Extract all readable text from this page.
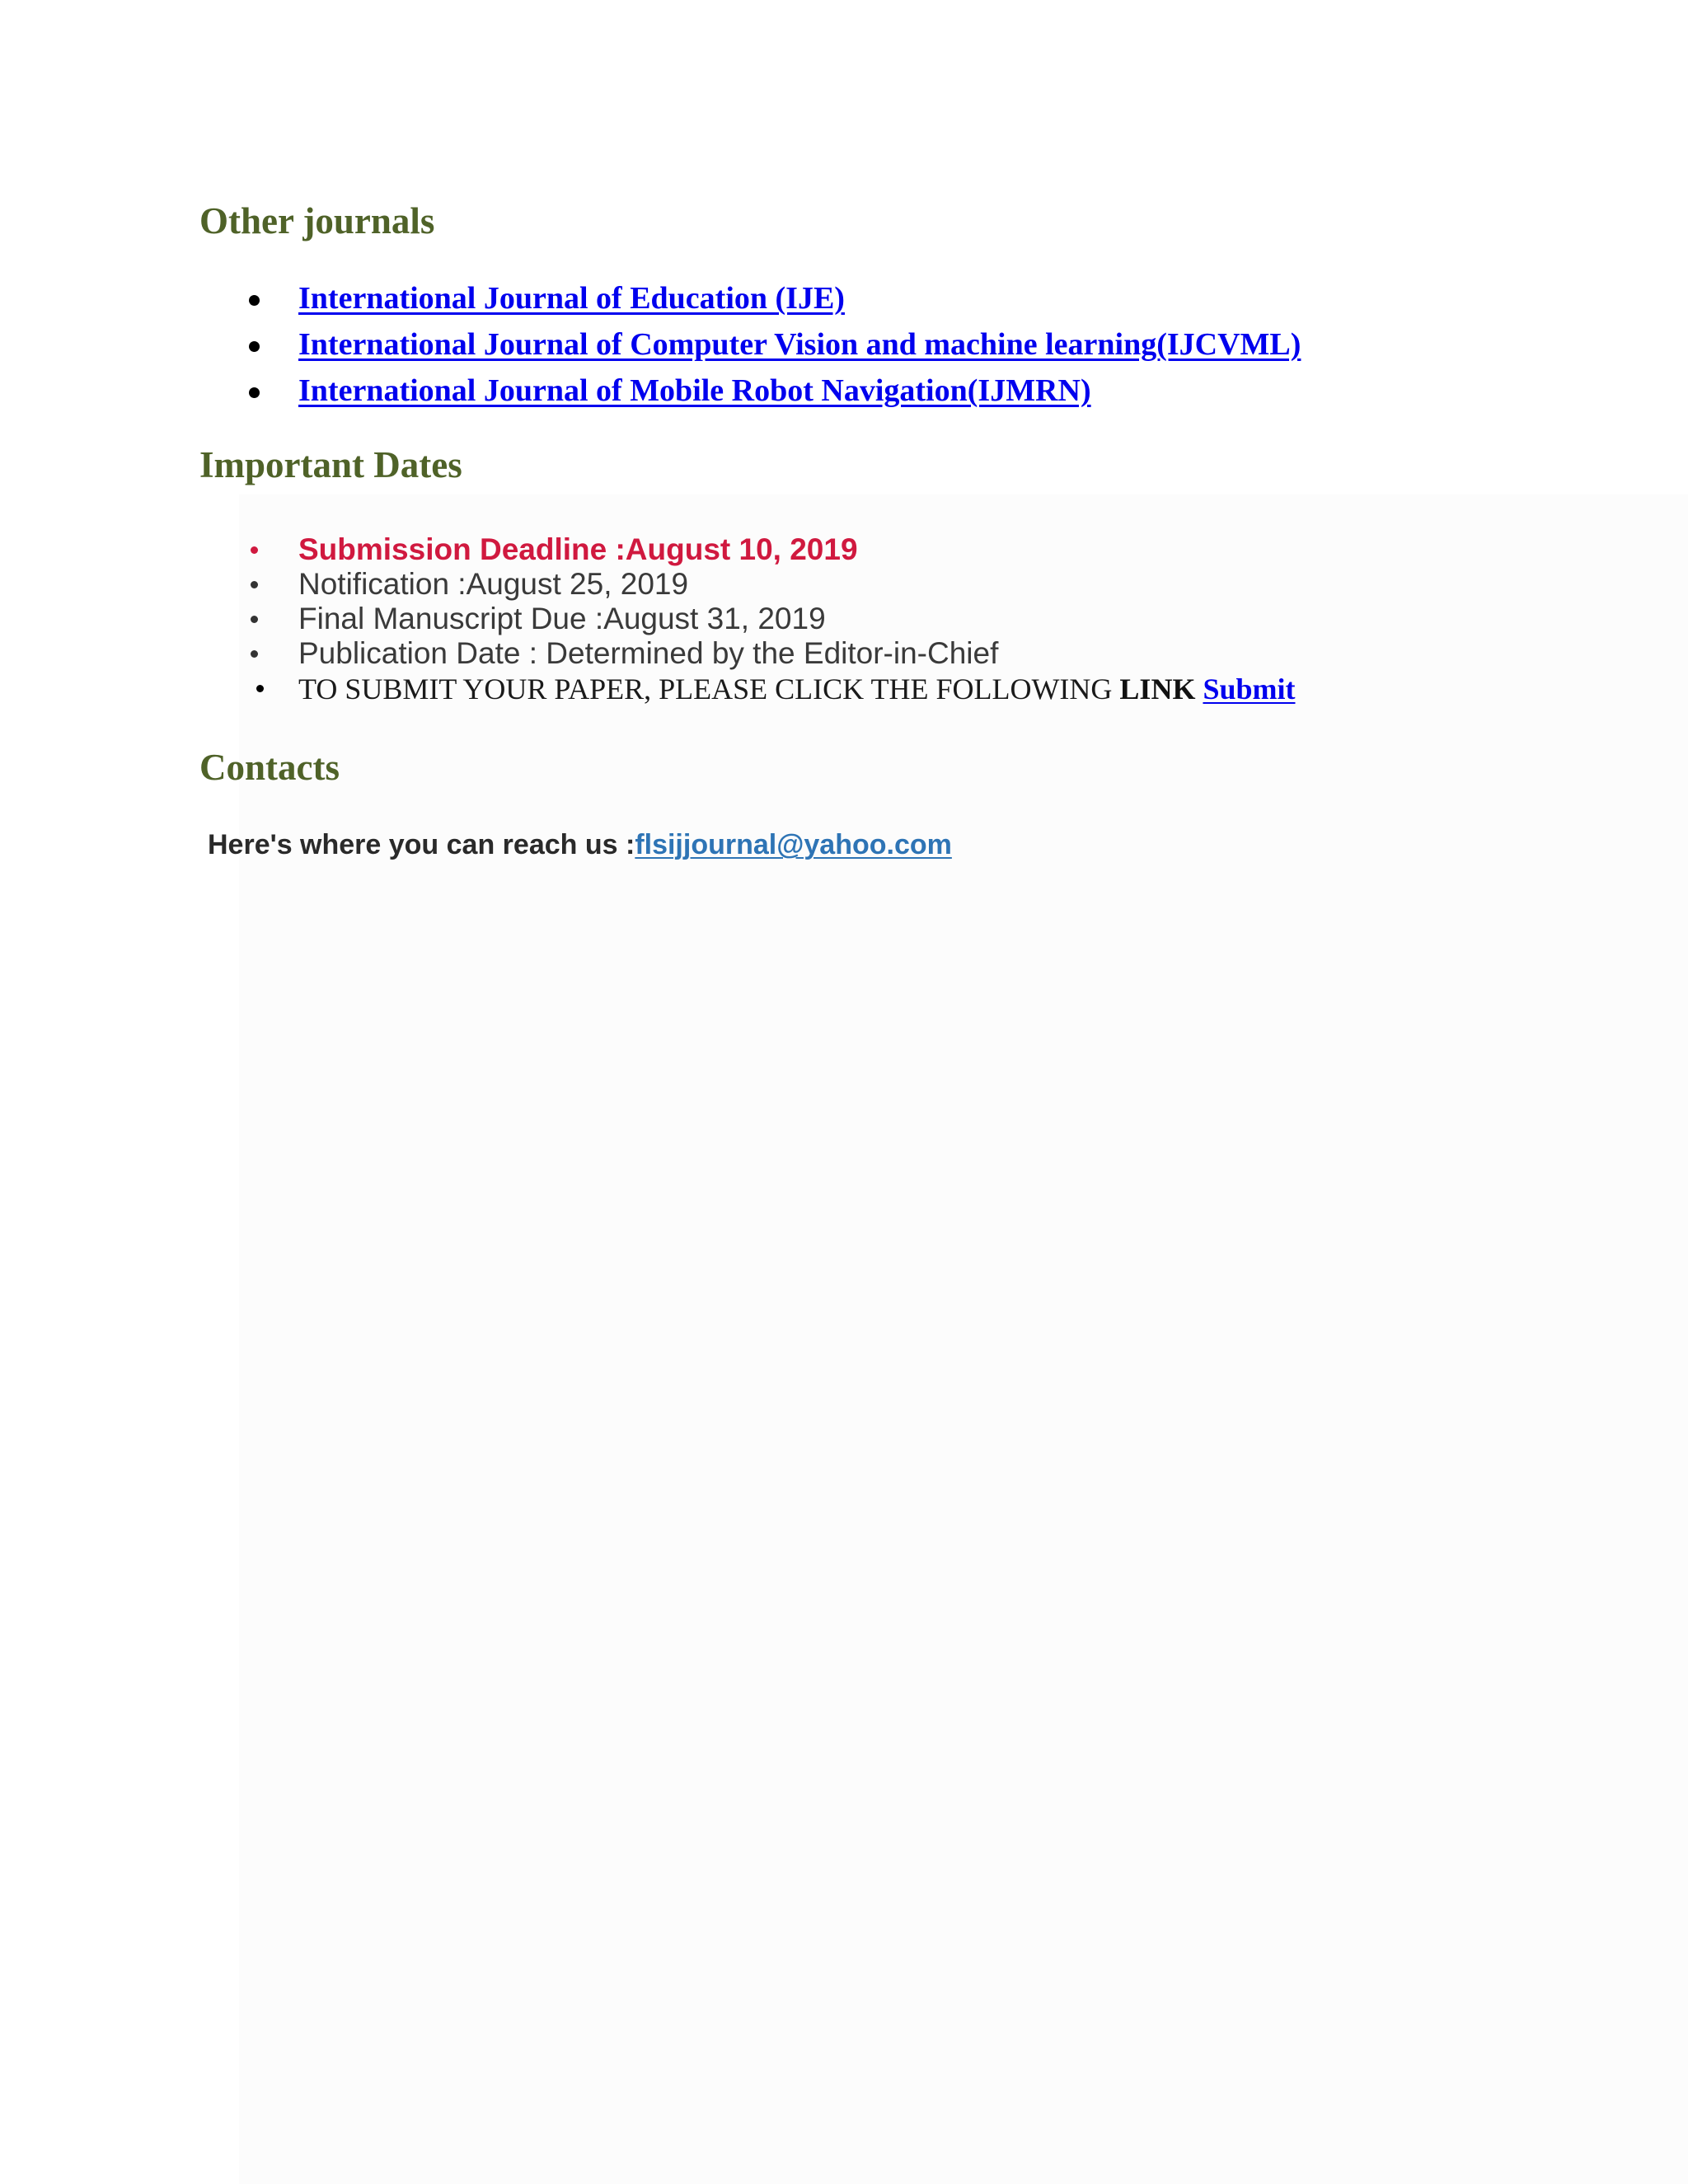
Other journals
International Journal of Education (IJE)
International Journal of Computer Vision and machine learning(IJCVML)
International Journal of Mobile Robot Navigation(IJMRN)
Important Dates
Submission Deadline :August 10, 2019
Notification :August 25, 2019
Final Manuscript Due :August 31, 2019
Publication Date : Determined by the Editor-in-Chief
TO SUBMIT YOUR PAPER, PLEASE CLICK THE FOLLOWING LINK Submit
Contacts
Here's where you can reach us :flsijjournal@yahoo.com
